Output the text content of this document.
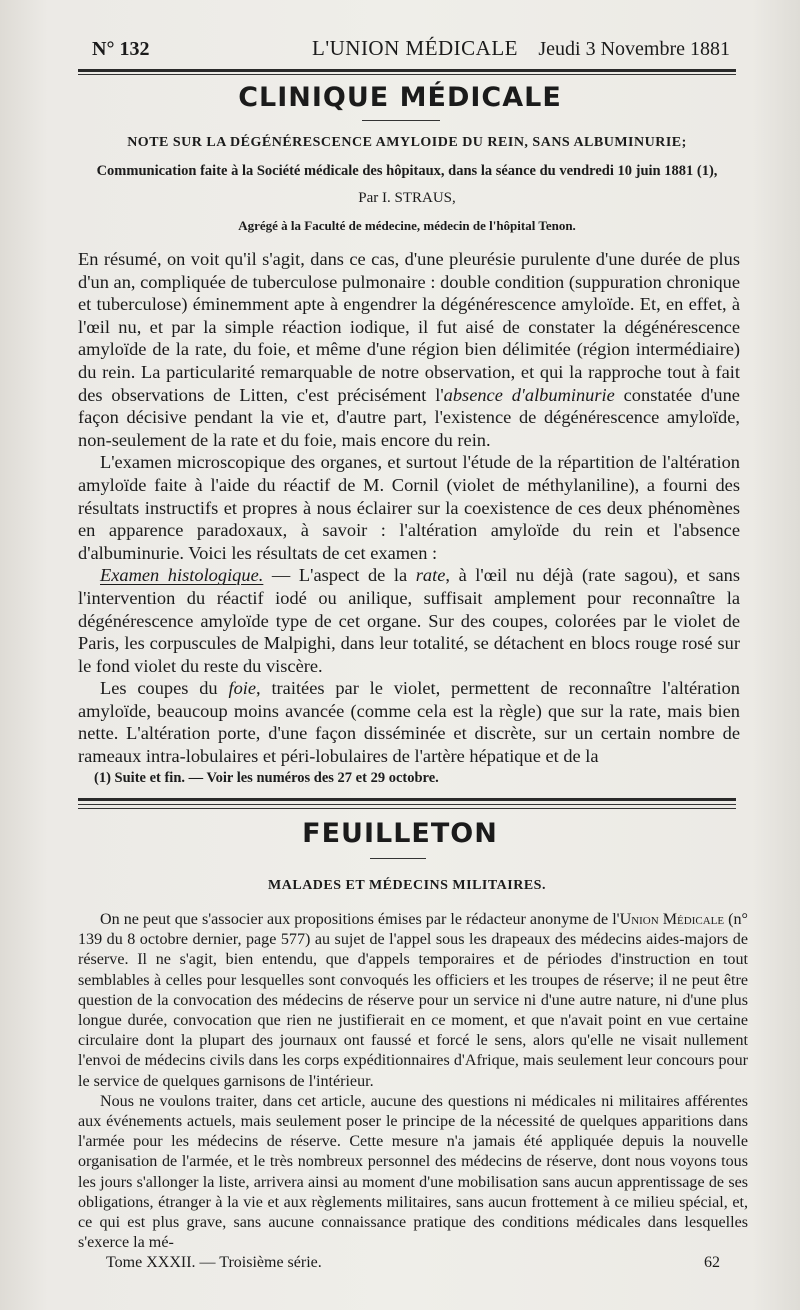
N° 132	L'UNION MÉDICALE Jeudi 3 Novembre 1881
CLINIQUE MÉDICALE
NOTE SUR LA DÉGÉNÉRESCENCE AMYLOIDE DU REIN, SANS ALBUMINURIE;
Communication faite à la Société médicale des hôpitaux, dans la séance du vendredi 10 juin 1881 (1),
Par I. STRAUS,
Agrégé à la Faculté de médecine, médecin de l'hôpital Tenon.

En résumé, on voit qu'il s'agit, dans ce cas, d'une pleurésie purulente d'une durée de plus d'un an, compliquée de tuberculose pulmonaire : double condition (suppuration chronique et tuberculose) éminemment apte à engendrer la dégénérescence amyloïde. Et, en effet, à l'œil nu, et par la simple réaction iodique, il fut aisé de constater la dégénérescence amyloïde de la rate, du foie, et même d'une région bien délimitée (région intermédiaire) du rein. La particularité remarquable de notre observation, et qui la rapproche tout à fait des observations de Litten, c'est précisément l'absence d'albuminurie constatée d'une façon décisive pendant la vie et, d'autre part, l'existence de dégénérescence amyloïde, non-seulement de la rate et du foie, mais encore du rein.

L'examen microscopique des organes, et surtout l'étude de la répartition de l'altération amyloïde faite à l'aide du réactif de M. Cornil (violet de méthylaniline), a fourni des résultats instructifs et propres à nous éclairer sur la coexistence de ces deux phénomènes en apparence paradoxaux, à savoir : l'altération amyloïde du rein et l'absence d'albuminurie. Voici les résultats de cet examen :

Examen histologique. — L'aspect de la rate, à l'œil nu déjà (rate sagou), et sans l'intervention du réactif iodé ou anilique, suffisait amplement pour reconnaître la dégénérescence amyloïde type de cet organe. Sur des coupes, colorées par le violet de Paris, les corpuscules de Malpighi, dans leur totalité, se détachent en blocs rouge rosé sur le fond violet du reste du viscère.

Les coupes du foie, traitées par le violet, permettent de reconnaître l'altération amyloïde, beaucoup moins avancée (comme cela est la règle) que sur la rate, mais bien nette. L'altération porte, d'une façon disséminée et discrète, sur un certain nombre de rameaux intra-lobulaires et péri-lobulaires de l'artère hépatique et de la

(1) Suite et fin. — Voir les numéros des 27 et 29 octobre.
FEUILLETON
MALADES ET MÉDECINS MILITAIRES.

On ne peut que s'associer aux propositions émises par le rédacteur anonyme de l'Union Médicale (n° 139 du 8 octobre dernier, page 577) au sujet de l'appel sous les drapeaux des médecins aides-majors de réserve. Il ne s'agit, bien entendu, que d'appels temporaires et de périodes d'instruction en tout semblables à celles pour lesquelles sont convoqués les officiers et les troupes de réserve; il ne peut être question de la convocation des médecins de réserve pour un service ni d'une autre nature, ni d'une plus longue durée, convocation que rien ne justifierait en ce moment, et que n'avait point en vue certaine circulaire dont la plupart des journaux ont faussé et forcé le sens, alors qu'elle ne visait nullement l'envoi de médecins civils dans les corps expéditionnaires d'Afrique, mais seulement leur concours pour le service de quelques garnisons de l'intérieur.

Nous ne voulons traiter, dans cet article, aucune des questions ni médicales ni militaires afférentes aux événements actuels, mais seulement poser le principe de la nécessité de quelques apparitions dans l'armée pour les médecins de réserve. Cette mesure n'a jamais été appliquée depuis la nouvelle organisation de l'armée, et le très nombreux personnel des médecins de réserve, dont nous voyons tous les jours s'allonger la liste, arrivera ainsi au moment d'une mobilisation sans aucun apprentissage de ses obligations, étranger à la vie et aux règlements militaires, sans aucun frottement à ce milieu spécial, et, ce qui est plus grave, sans aucune connaissance pratique des conditions médicales dans lesquelles s'exerce la mé-

Tome XXXII. — Troisième série.	62
